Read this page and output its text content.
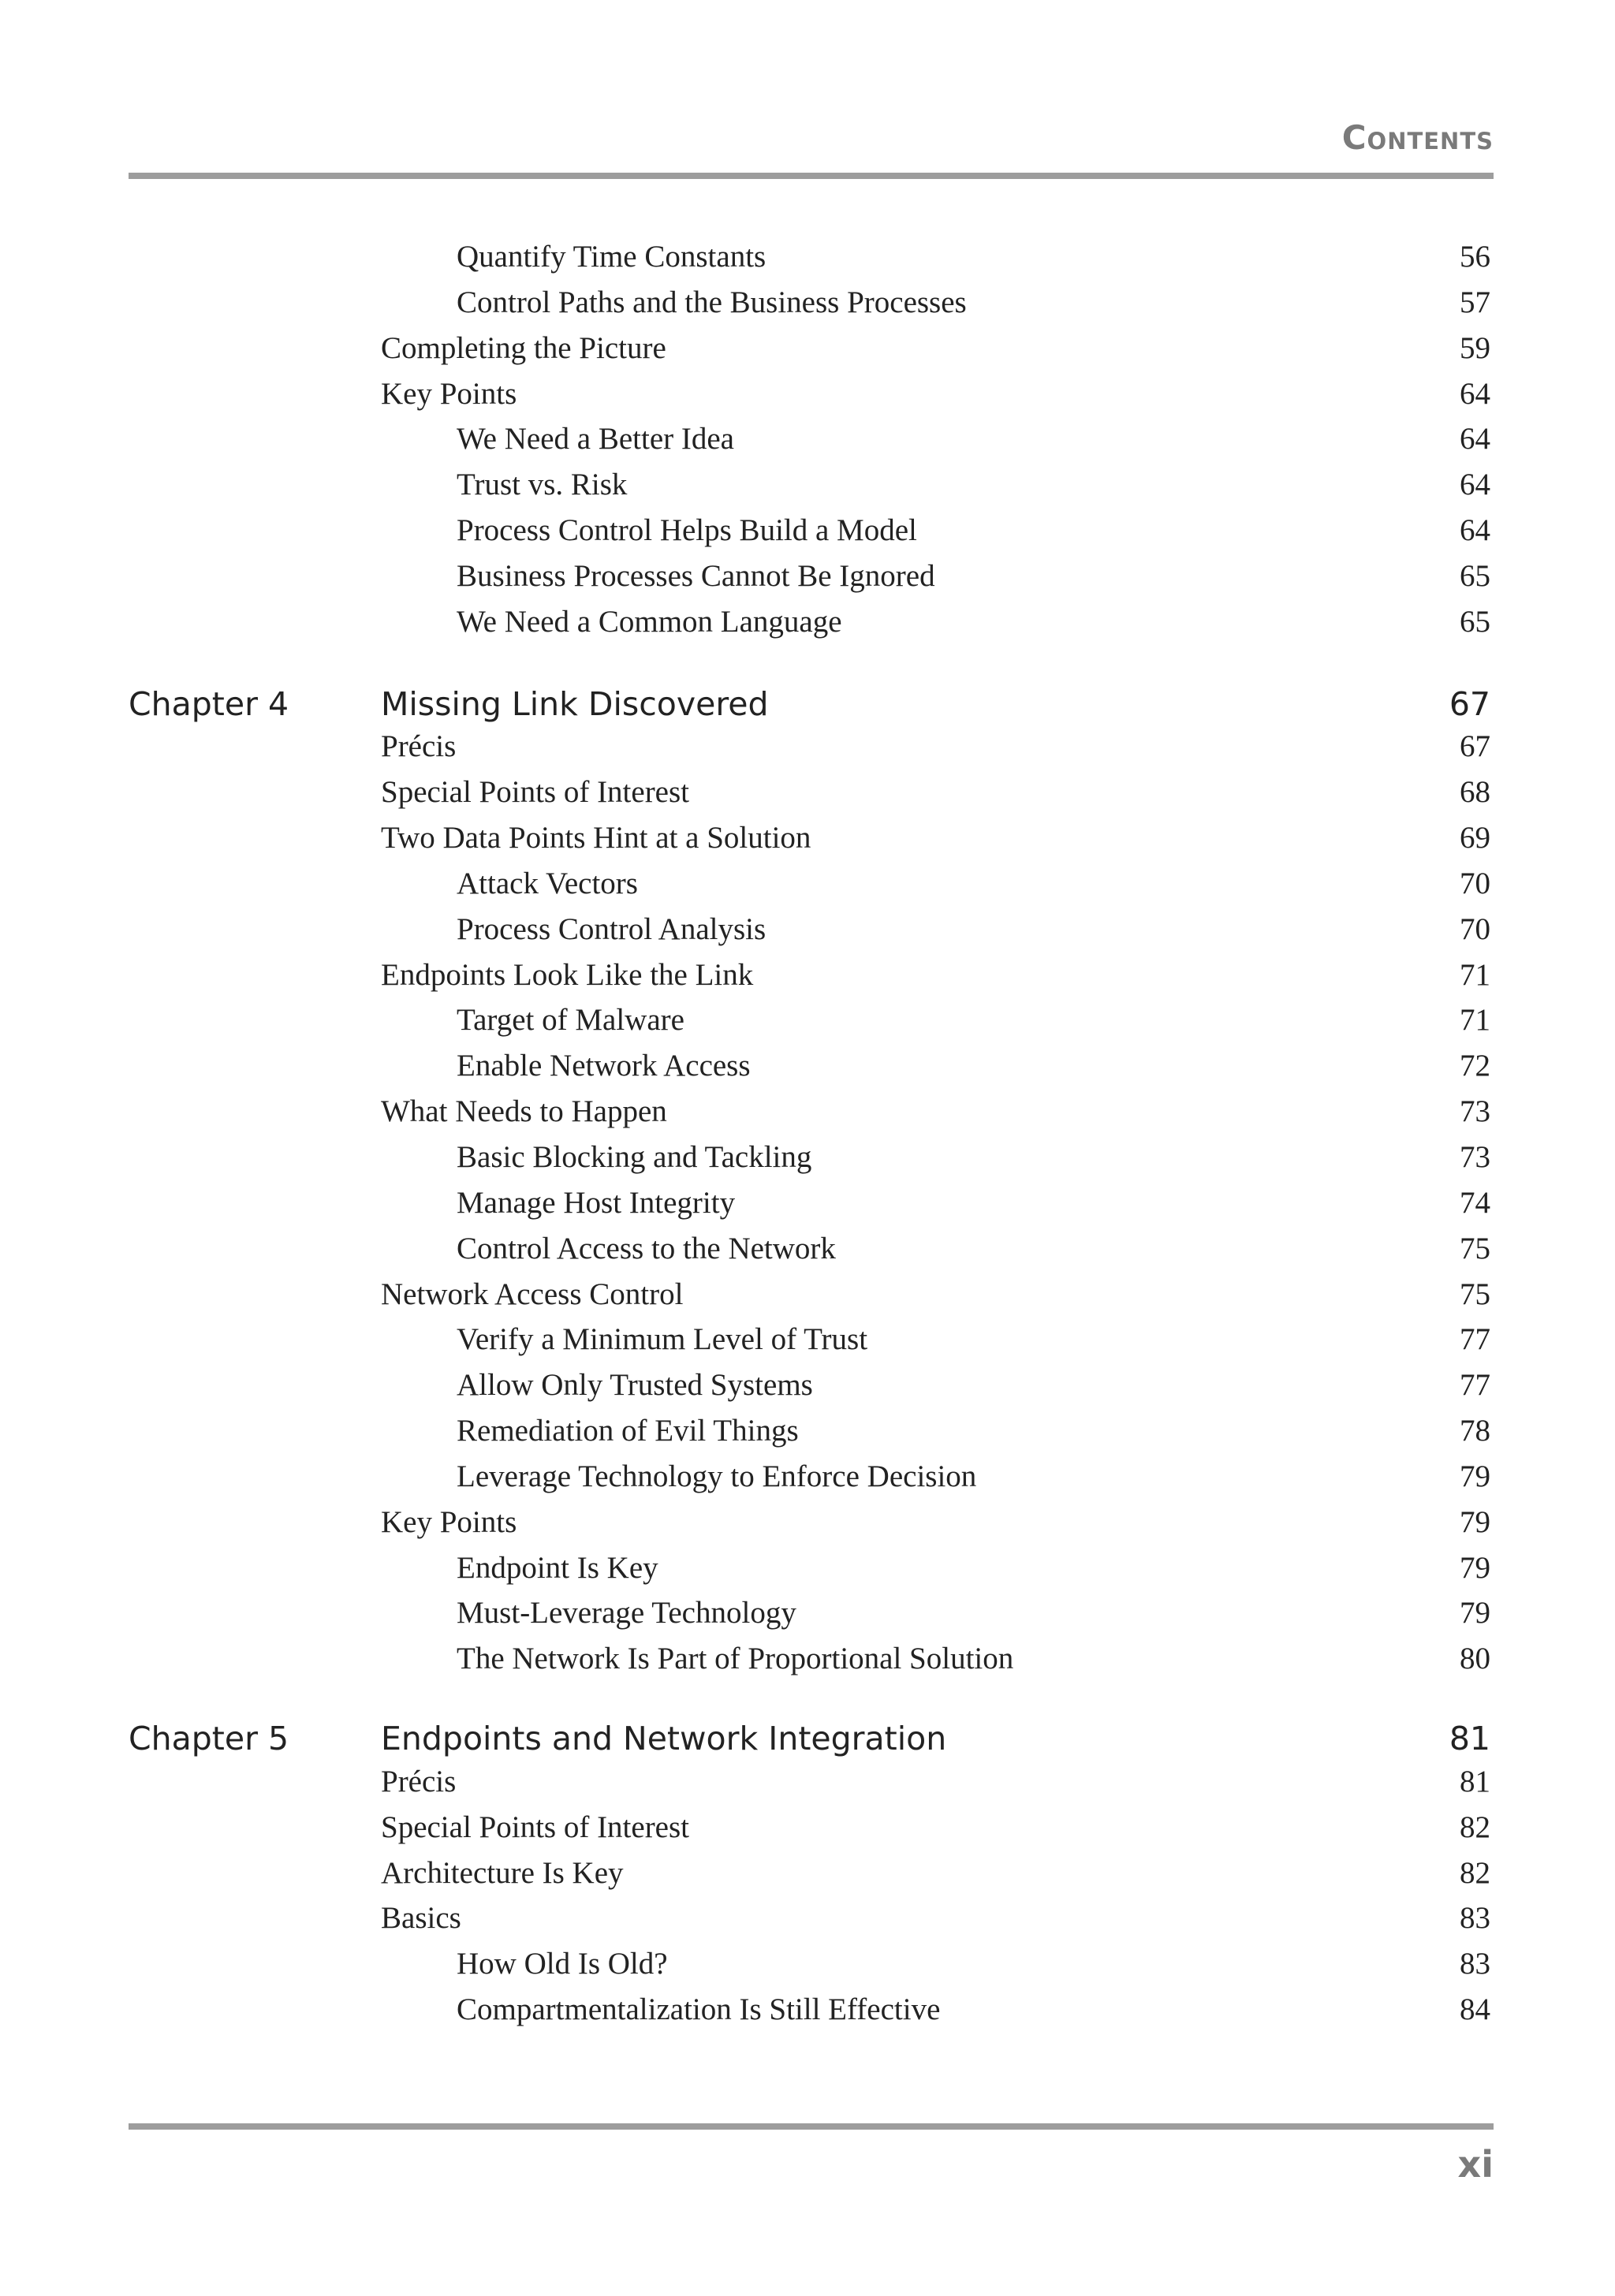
Contents
Quantify Time Constants	56
Control Paths and the Business Processes	57
Completing the Picture	59
Key Points	64
We Need a Better Idea	64
Trust vs. Risk	64
Process Control Helps Build a Model	64
Business Processes Cannot Be Ignored	65
We Need a Common Language	65
Chapter 4	Missing Link Discovered	67
Précis	67
Special Points of Interest	68
Two Data Points Hint at a Solution	69
Attack Vectors	70
Process Control Analysis	70
Endpoints Look Like the Link	71
Target of Malware	71
Enable Network Access	72
What Needs to Happen	73
Basic Blocking and Tackling	73
Manage Host Integrity	74
Control Access to the Network	75
Network Access Control	75
Verify a Minimum Level of Trust	77
Allow Only Trusted Systems	77
Remediation of Evil Things	78
Leverage Technology to Enforce Decision	79
Key Points	79
Endpoint Is Key	79
Must-Leverage Technology	79
The Network Is Part of Proportional Solution	80
Chapter 5	Endpoints and Network Integration	81
Précis	81
Special Points of Interest	82
Architecture Is Key	82
Basics	83
How Old Is Old?	83
Compartmentalization Is Still Effective	84
xi
